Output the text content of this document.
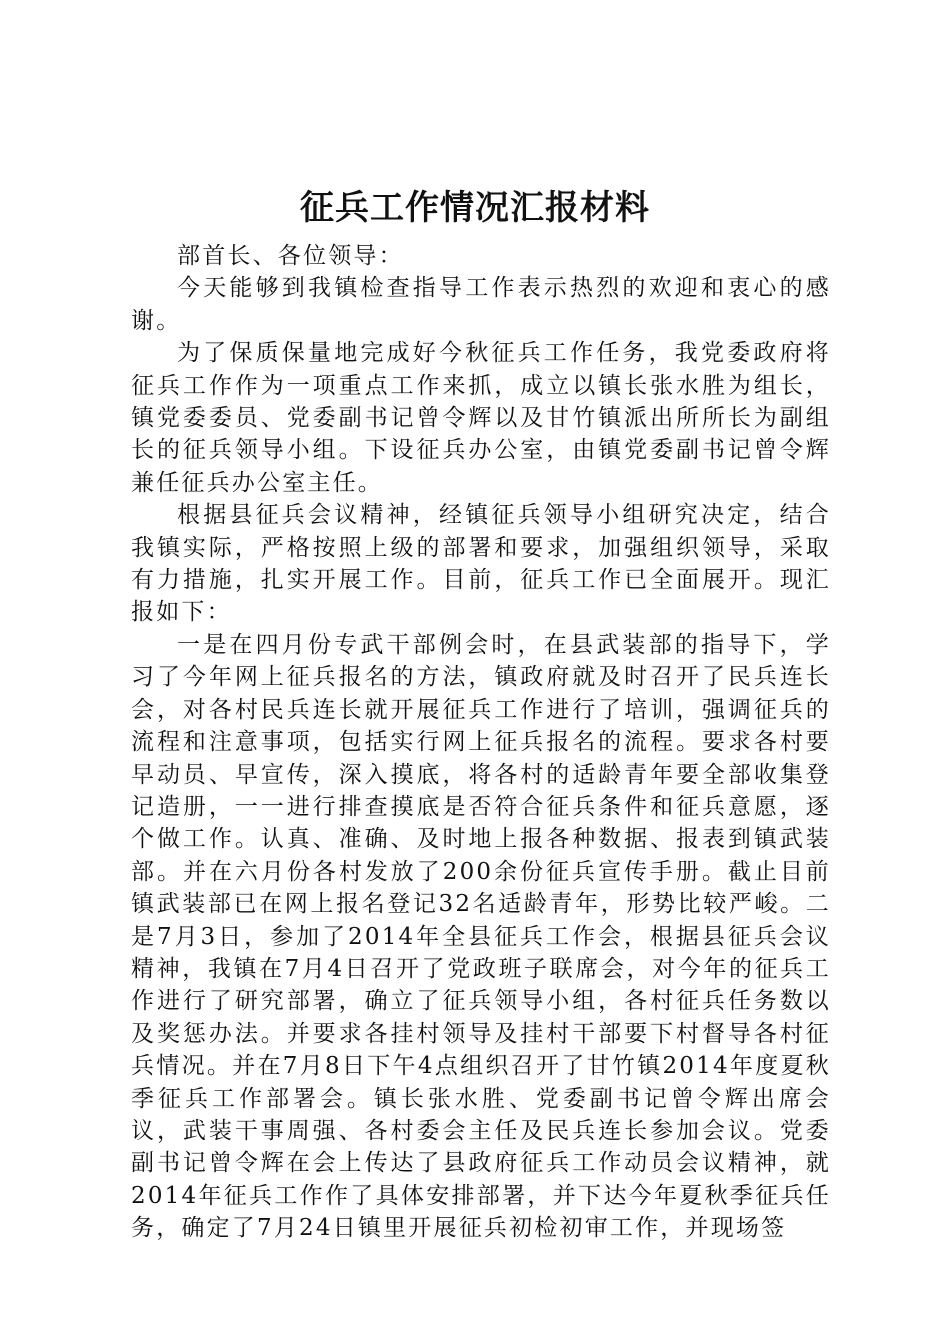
征兵工作情况汇报材料

部首长、各位领导：

今天能够到我镇检查指导工作表示热烈的欢迎和衷心的感谢。

为了保质保量地完成好今秋征兵工作任务，我党委政府将征兵工作作为一项重点工作来抓，成立以镇长张水胜为组长，镇党委委员、党委副书记曾令辉以及甘竹镇派出所所长为副组长的征兵领导小组。下设征兵办公室，由镇党委副书记曾令辉兼任征兵办公室主任。

根据县征兵会议精神，经镇征兵领导小组研究决定，结合我镇实际，严格按照上级的部署和要求，加强组织领导，采取有力措施，扎实开展工作。目前，征兵工作已全面展开。现汇报如下：

一是在四月份专武干部例会时，在县武装部的指导下，学习了今年网上征兵报名的方法，镇政府就及时召开了民兵连长会，对各村民兵连长就开展征兵工作进行了培训，强调征兵的流程和注意事项，包括实行网上征兵报名的流程。要求各村要早动员、早宣传，深入摸底，将各村的适龄青年要全部收集登记造册，一一进行排查摸底是否符合征兵条件和征兵意愿，逐个做工作。认真、准确、及时地上报各种数据、报表到镇武装部。并在六月份各村发放了200余份征兵宣传手册。截止目前镇武装部已在网上报名登记32名适龄青年，形势比较严峻。二是7月3日，参加了2014年全县征兵工作会，根据县征兵会议精神，我镇在7月4日召开了党政班子联席会，对今年的征兵工作进行了研究部署，确立了征兵领导小组，各村征兵任务数以及奖惩办法。并要求各挂村领导及挂村干部要下村督导各村征兵情况。并在7月8日下午4点组织召开了甘竹镇2014年度夏秋季征兵工作部署会。镇长张水胜、党委副书记曾令辉出席会议，武装干事周强、各村委会主任及民兵连长参加会议。党委副书记曾令辉在会上传达了县政府征兵工作动员会议精神，就2014年征兵工作作了具体安排部署，并下达今年夏秋季征兵任务，确定了7月24日镇里开展征兵初检初审工作，并现场签
